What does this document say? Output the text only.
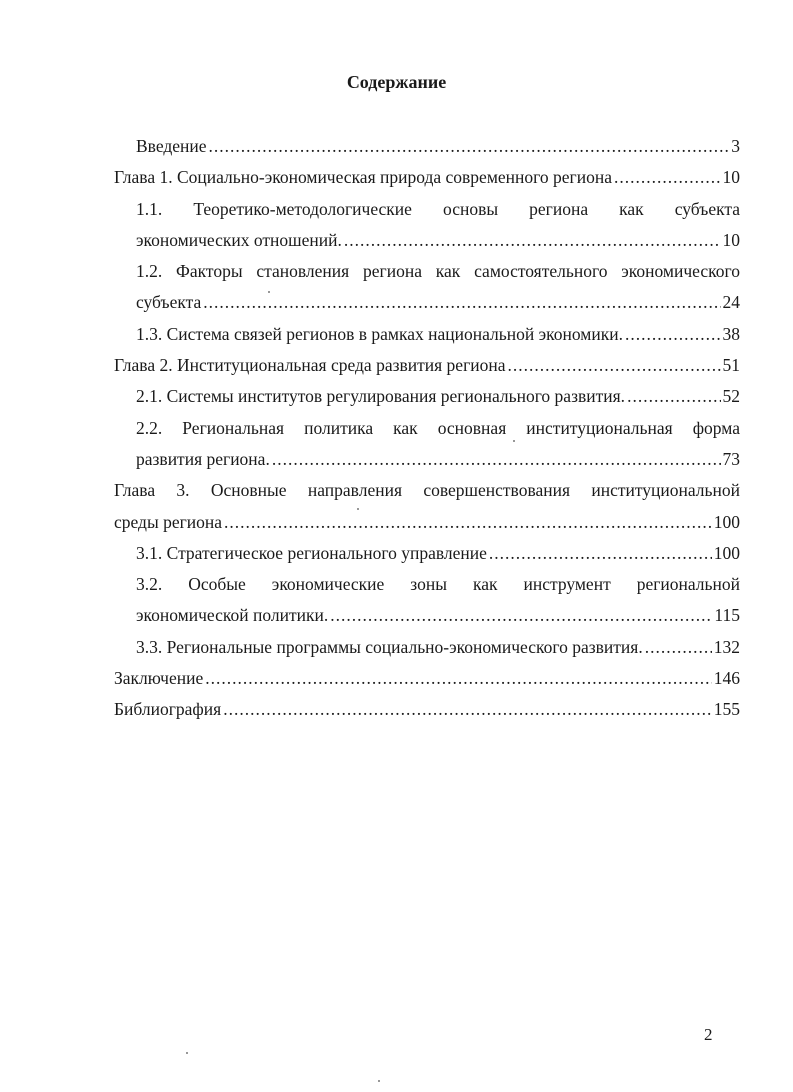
Содержание
Введение .....	3
Глава 1. Социально-экономическая природа современного региона .....	10
1.1. Теоретико-методологические основы региона как субъекта
экономических отношений. .....	10
1.2. Факторы становления региона как самостоятельного экономического
субъекта .....	24
1.3. Система связей регионов в рамках национальной экономики. .....	38
Глава 2. Институциональная среда развития региона .....	51
2.1. Системы институтов регулирования регионального развития. .....	52
2.2. Региональная политика как основная институциональная форма
развития региона. .....	73
Глава 3. Основные направления совершенствования институциональной
среды региона .....	100
3.1. Стратегическое регионального управление .....	100
3.2. Особые экономические зоны как инструмент региональной
экономической политики. .....	115
3.3. Региональные программы социально-экономического развития. .....	132
Заключение .....	146
Библиография .....	155
2
